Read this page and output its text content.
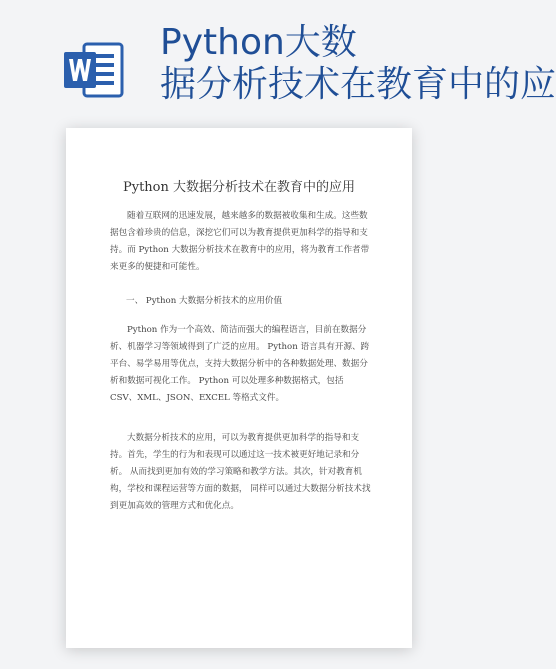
Python大数
据分析技术在教育中的应
Python 大数据分析技术在教育中的应用

随着互联网的迅速发展，越来越多的数据被收集和生成。这些数据包含着珍贵的信息，深挖它们可以为教育提供更加科学的指导和支持。而 Python 大数据分析技术在教育中的应用，将为教育工作者带来更多的便捷和可能性。

一、 Python 大数据分析技术的应用价值

Python 作为一个高效、简洁而强大的编程语言，目前在数据分析、机器学习等领域得到了广泛的应用。 Python 语言具有开源、跨平台、易学易用等优点，支持大数据分析中的各种数据处理、数据分析和数据可视化工作。 Python 可以处理多种数据格式，包括 CSV、XML、JSON、EXCEL 等格式文件。

大数据分析技术的应用，可以为教育提供更加科学的指导和支持。首先，学生的行为和表现可以通过这一技术被更好地记录和分析。 从而找到更加有效的学习策略和教学方法。其次，针对教育机构，学校和课程运营等方面的数据， 同样可以通过大数据分析技术找到更加高效的管理方式和优化点。
